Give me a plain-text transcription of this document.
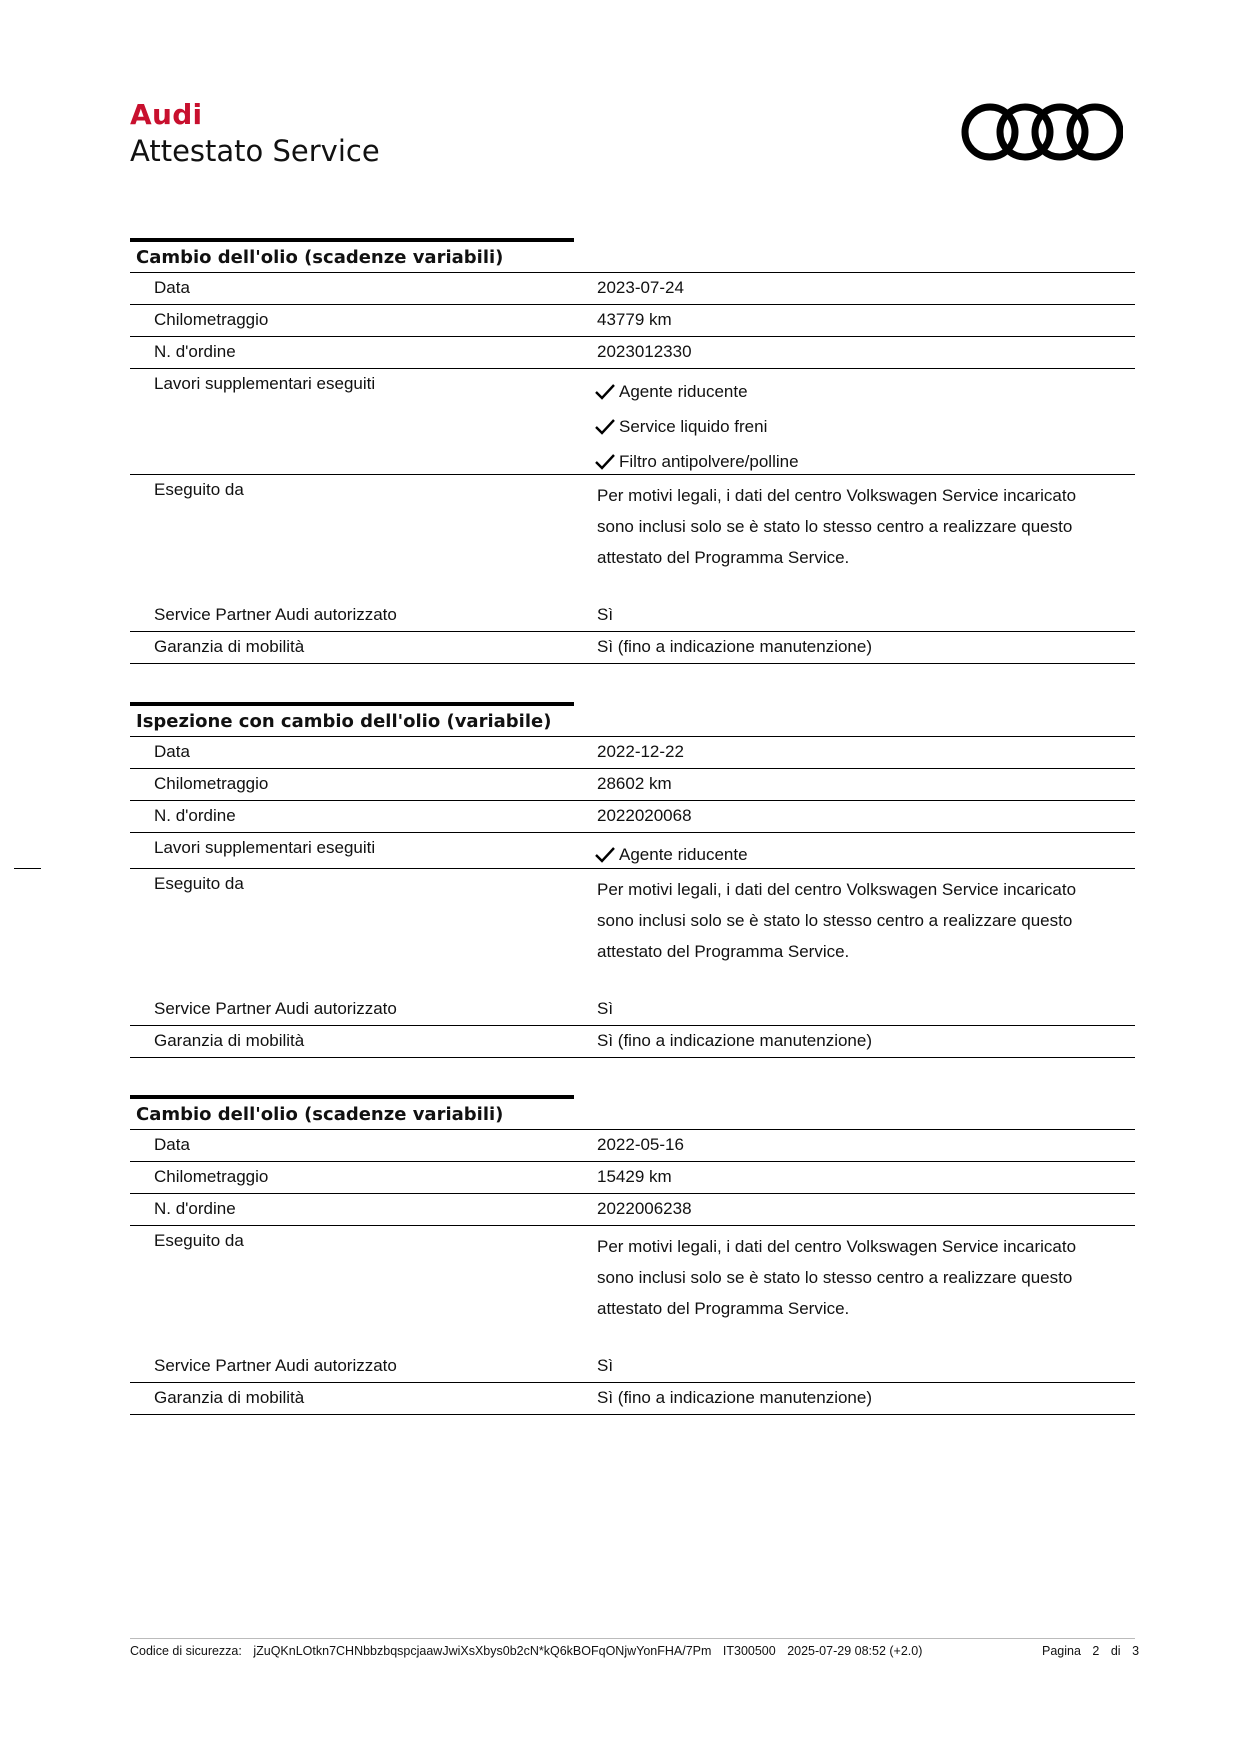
Audi
Attestato Service
Cambio dell'olio (scadenze variabili)
Data	2023-07-24
Chilometraggio	43779 km
N. d'ordine	2023012330
Lavori supplementari eseguiti	Agente riducente
Service liquido freni
Filtro antipolvere/polline
Eseguito da	Per motivi legali, i dati del centro Volkswagen Service incaricato

sono inclusi solo se è stato lo stesso centro a realizzare questo

attestato del Programma Service.

Service Partner Audi autorizzato	Sì
Garanzia di mobilità	Sì (fino a indicazione manutenzione)
Ispezione con cambio dell'olio (variabile)
Data	2022-12-22
Chilometraggio	28602 km
N. d'ordine	2022020068
Lavori supplementari eseguiti	Agente riducente
Eseguito da	Per motivi legali, i dati del centro Volkswagen Service incaricato

sono inclusi solo se è stato lo stesso centro a realizzare questo

attestato del Programma Service.

Service Partner Audi autorizzato	Sì
Garanzia di mobilità	Sì (fino a indicazione manutenzione)
Cambio dell'olio (scadenze variabili)
Data	2022-05-16
Chilometraggio	15429 km
N. d'ordine	2022006238
Eseguito da	Per motivi legali, i dati del centro Volkswagen Service incaricato

sono inclusi solo se è stato lo stesso centro a realizzare questo

attestato del Programma Service.

Service Partner Audi autorizzato	Sì
Garanzia di mobilità	Sì (fino a indicazione manutenzione)
Codice di sicurezza: jZuQKnLOtkn7CHNbbzbqspcjaawJwiXsXbys0b2cN*kQ6kBOFqONjwYonFHA/7Pm IT300500 2025-07-29 08:52 (+2.0)	Pagina 2 di 3
